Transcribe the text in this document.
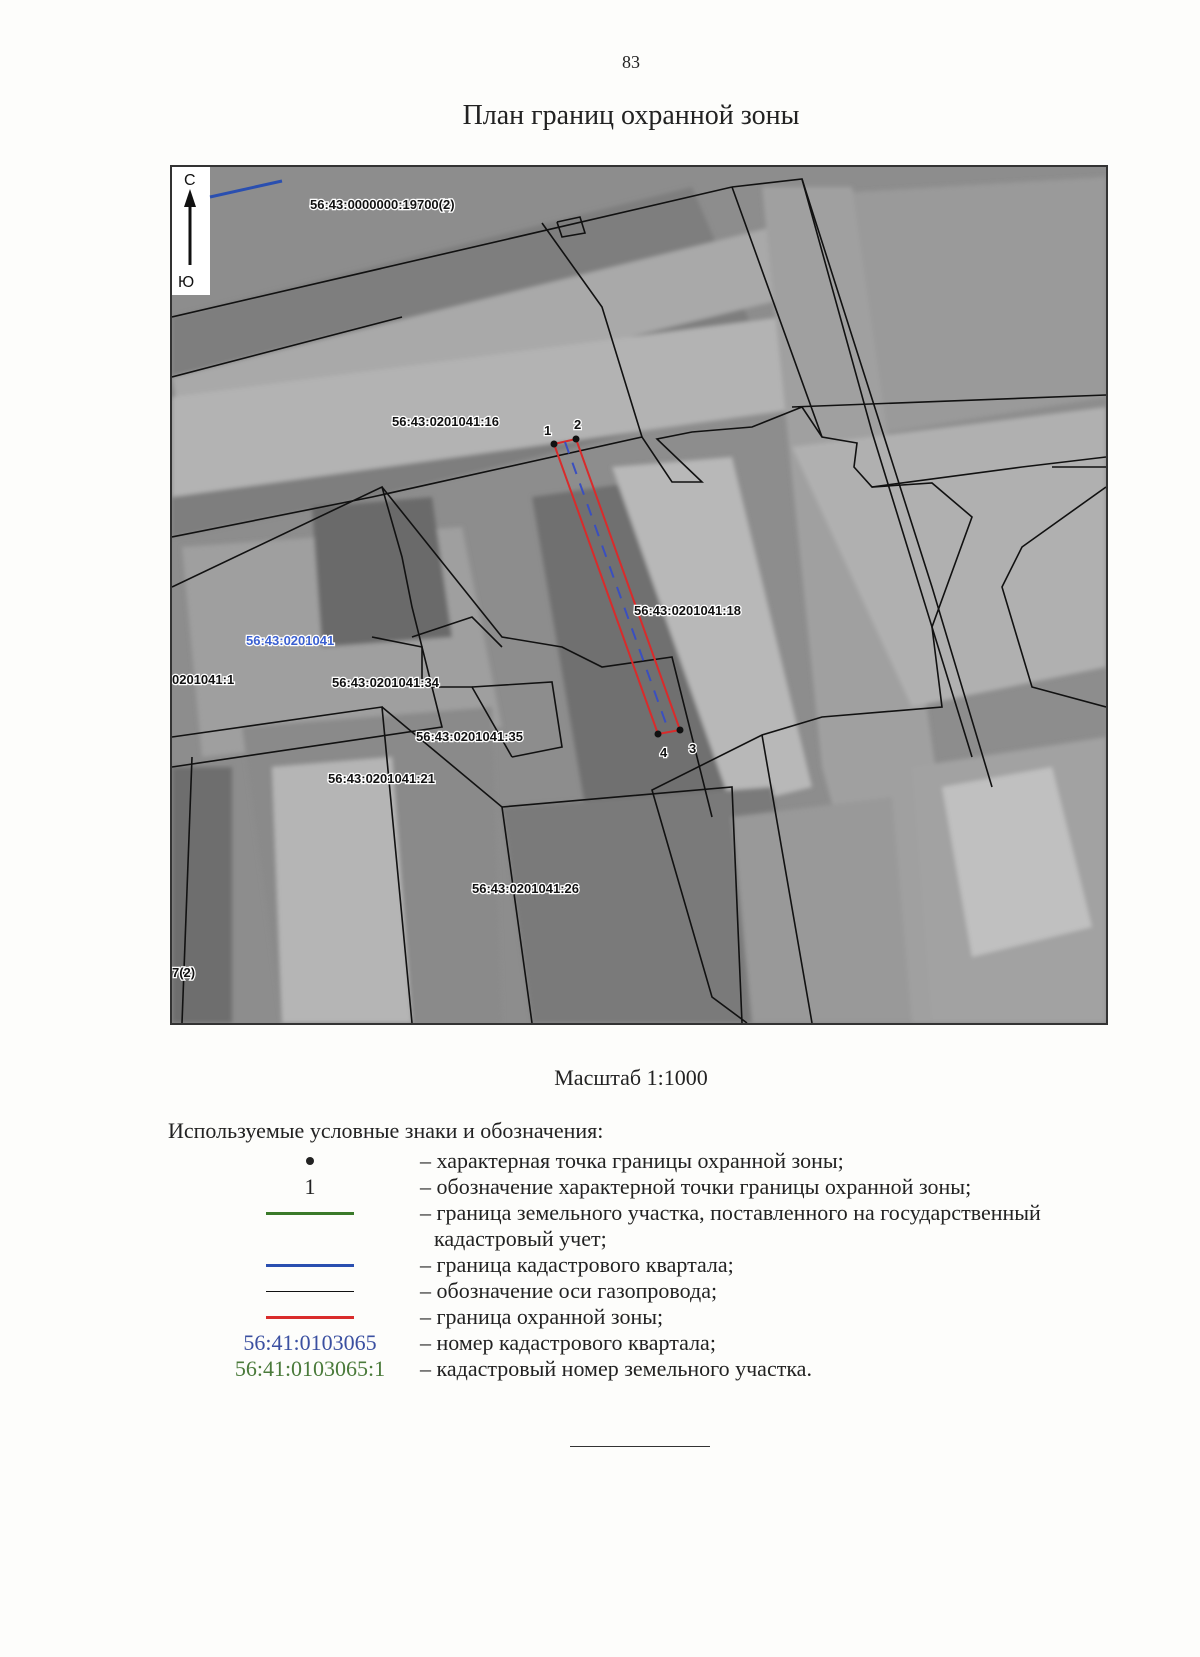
83
План границ охранной зоны
С
Ю
1 2
3
4
56:43:0000000:19700(2)
56:43:0201041:16
56:43:0201041:18
0201041:1	56:43:0201041:34
56:43:0201041:35
56:43:0201041:21
56:43:0201041:26
7(2)
56:43:0201041
Масштаб 1:1000
Используемые условные знаки и обозначения:
– характерная точка границы охранной зоны;
1	– обозначение характерной точки границы охранной зоны;
– граница земельного участка, поставленного на государственный
кадастровый учет;
– граница кадастрового квартала;
– обозначение оси газопровода;
– граница охранной зоны;
56:41:0103065	– номер кадастрового квартала;
56:41:0103065:1	– кадастровый номер земельного участка.
